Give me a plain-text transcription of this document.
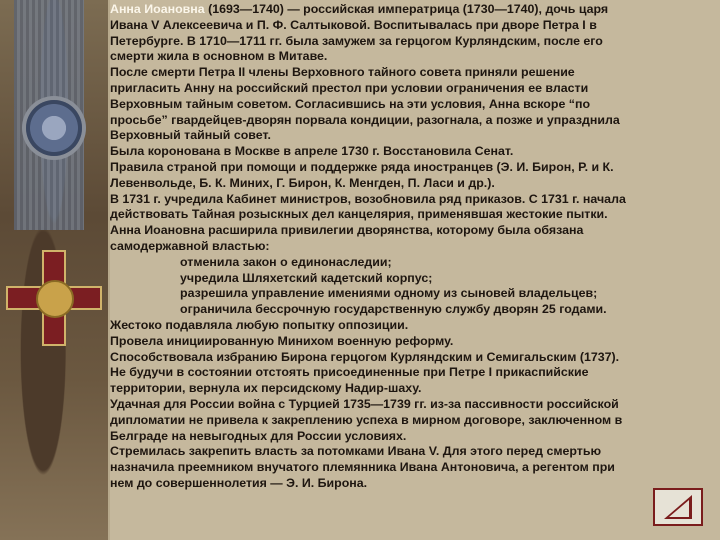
Анна Иоановна (1693—1740) — российская императрица (1730—1740), дочь царя

Ивана V Алексеевича и П. Ф. Салтыковой. Воспитывалась при дворе Петра I в

Петербурге. В 1710—1711 гг. была замужем за герцогом Курляндским, после его

смерти жила в основном в Митаве.

После смерти Петра II члены Верховного тайного совета приняли решение

пригласить Анну на российский престол при условии ограничения ее власти

Верховным тайным советом. Согласившись на эти условия, Анна вскоре “по

просьбе” гвардейцев-дворян порвала кондиции, разогнала, а позже и упразднила

Верховный тайный совет.

Была коронована в Москве в апреле 1730 г. Восстановила Сенат.

Правила страной при помощи и поддержке ряда иностранцев (Э. И. Бирон, Р. и К.

Левенвольде, Б. К. Миних, Г. Бирон, К. Менгден, П. Ласи и др.).

В 1731 г. учредила Кабинет министров, возобновила ряд приказов. С 1731 г. начала

действовать Тайная розыскных дел канцелярия, применявшая жестокие пытки.

Анна Иоановна расширила привилегии дворянства, которому была обязана

самодержавной властью:

отменила закон о единонаследии;

учредила Шляхетский кадетский корпус;

разрешила управление имениями одному из сыновей владельцев;

ограничила бессрочную государственную службу дворян 25 годами.

Жестоко подавляла любую попытку оппозиции.

Провела инициированную Минихом военную реформу.

Способствовала избранию Бирона герцогом Курляндским и Семигальским (1737).

Не будучи в состоянии отстоять присоединенные при Петре I прикаспийские

территории, вернула их персидскому Надир-шаху.

Удачная для России война с Турцией 1735—1739 гг. из-за пассивности российской

дипломатии не привела к закреплению успеха в мирном договоре, заключенном в

Белграде на невыгодных для России условиях.

Стремилась закрепить власть за потомками Ивана V. Для этого перед смертью

назначила преемником внучатого племянника Ивана Антоновича, а регентом при

нем до совершеннолетия — Э. И. Бирона.
